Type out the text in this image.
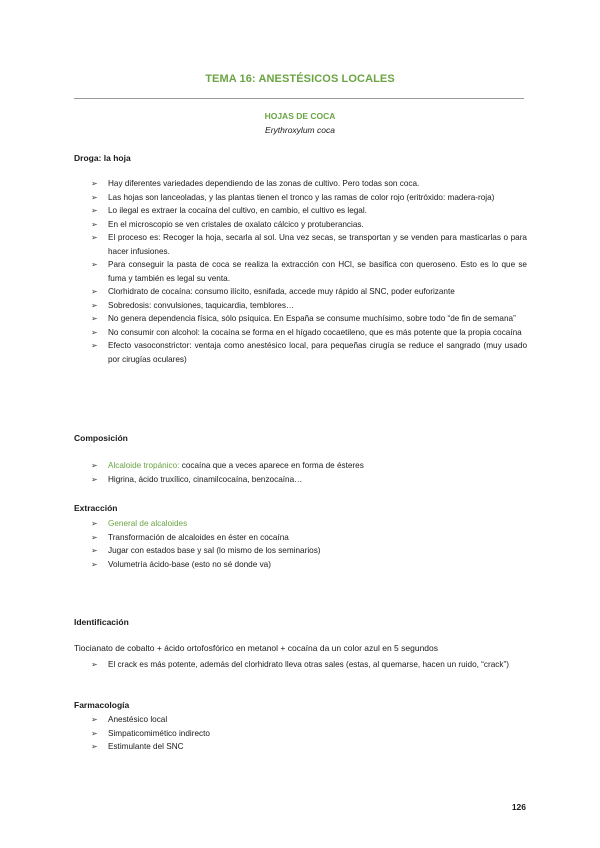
TEMA 16: ANESTÉSICOS LOCALES
HOJAS DE COCA
Erythroxylum coca
Droga: la hoja
➢ Hay diferentes variedades dependiendo de las zonas de cultivo. Pero todas son coca.
➢ Las hojas son lanceoladas, y las plantas tienen el tronco y las ramas de color rojo (eritróxido: madera-roja)
➢ Lo ilegal es extraer la cocaína del cultivo, en cambio, el cultivo es legal.
➢ En el microscopio se ven cristales de oxalato cálcico y protuberancias.
➢ El proceso es: Recoger la hoja, secarla al sol. Una vez secas, se transportan y se venden para masticarlas o para hacer infusiones.
➢ Para conseguir la pasta de coca se realiza la extracción con HCl, se basifica con queroseno. Esto es lo que se fuma y también es legal su venta.
➢ Clorhidrato de cocaína: consumo ilícito, esnifada, accede muy rápido al SNC, poder euforizante
➢ Sobredosis: convulsiones, taquicardia, temblores…
➢ No genera dependencia física, sólo psíquica. En España se consume muchísimo, sobre todo “de fin de semana”
➢ No consumir con alcohol: la cocaína se forma en el hígado cocaetileno, que es más potente que la propia cocaína
➢ Efecto vasoconstrictor: ventaja como anestésico local, para pequeñas cirugía se reduce el sangrado (muy usado por cirugías oculares)
Composición
➢ Alcaloide tropánico: cocaína que a veces aparece en forma de ésteres
➢ Higrina, ácido truxílico, cinamilcocaína, benzocaína…
Extracción
➢ General de alcaloides
➢ Transformación de alcaloides en éster en cocaína
➢ Jugar con estados base y sal (lo mismo de los seminarios)
➢ Volumetría ácido-base (esto no sé donde va)
Identificación
Tiocianato de cobalto + ácido ortofosfórico en metanol + cocaína da un color azul en 5 segundos
➢ El crack es más potente, además del clorhidrato lleva otras sales (estas, al quemarse, hacen un ruido, “crack”)
Farmacología
➢ Anestésico local
➢ Simpaticomimético indirecto
➢ Estimulante del SNC
126
